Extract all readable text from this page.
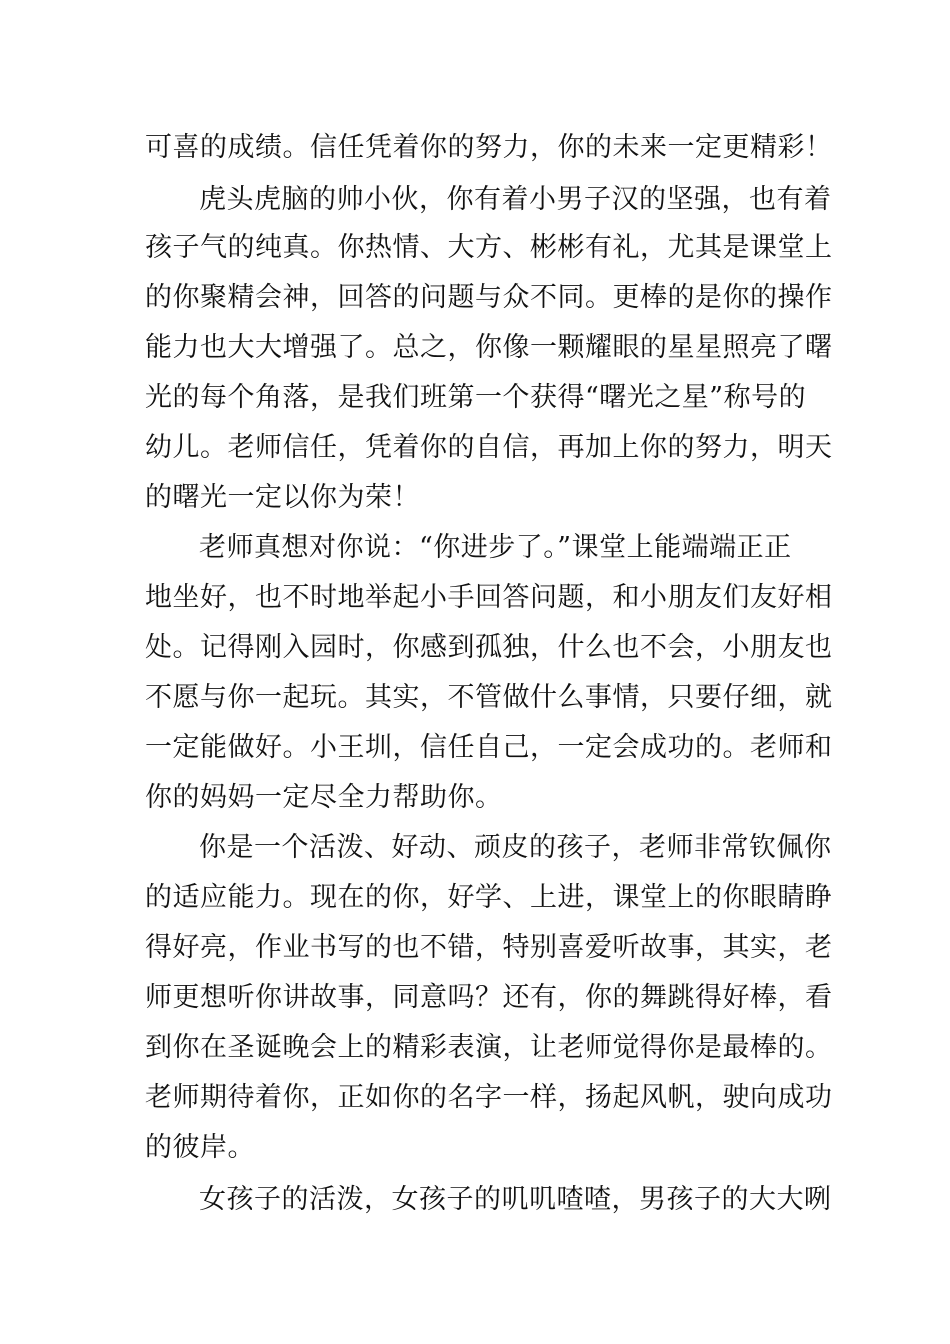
可喜的成绩。信任凭着你的努力，你的未来一定更精彩！
虎头虎脑的帅小伙，你有着小男子汉的坚强，也有着
孩子气的纯真。你热情、大方、彬彬有礼，尤其是课堂上
的你聚精会神，回答的问题与众不同。更棒的是你的操作
能力也大大增强了。总之，你像一颗耀眼的星星照亮了曙
光的每个角落，是我们班第一个获得“曙光之星”称号的
幼儿。老师信任，凭着你的自信，再加上你的努力，明天
的曙光一定以你为荣！
老师真想对你说：“你进步了。”课堂上能端端正正
地坐好，也不时地举起小手回答问题，和小朋友们友好相
处。记得刚入园时，你感到孤独，什么也不会，小朋友也
不愿与你一起玩。其实，不管做什么事情，只要仔细，就
一定能做好。小王圳，信任自己，一定会成功的。老师和
你的妈妈一定尽全力帮助你。
你是一个活泼、好动、顽皮的孩子，老师非常钦佩你
的适应能力。现在的你，好学、上进，课堂上的你眼睛睁
得好亮，作业书写的也不错，特别喜爱听故事，其实，老
师更想听你讲故事，同意吗？还有，你的舞跳得好棒，看
到你在圣诞晚会上的精彩表演，让老师觉得你是最棒的。
老师期待着你，正如你的名字一样，扬起风帆，驶向成功
的彼岸。
女孩子的活泼，女孩子的叽叽喳喳，男孩子的大大咧
